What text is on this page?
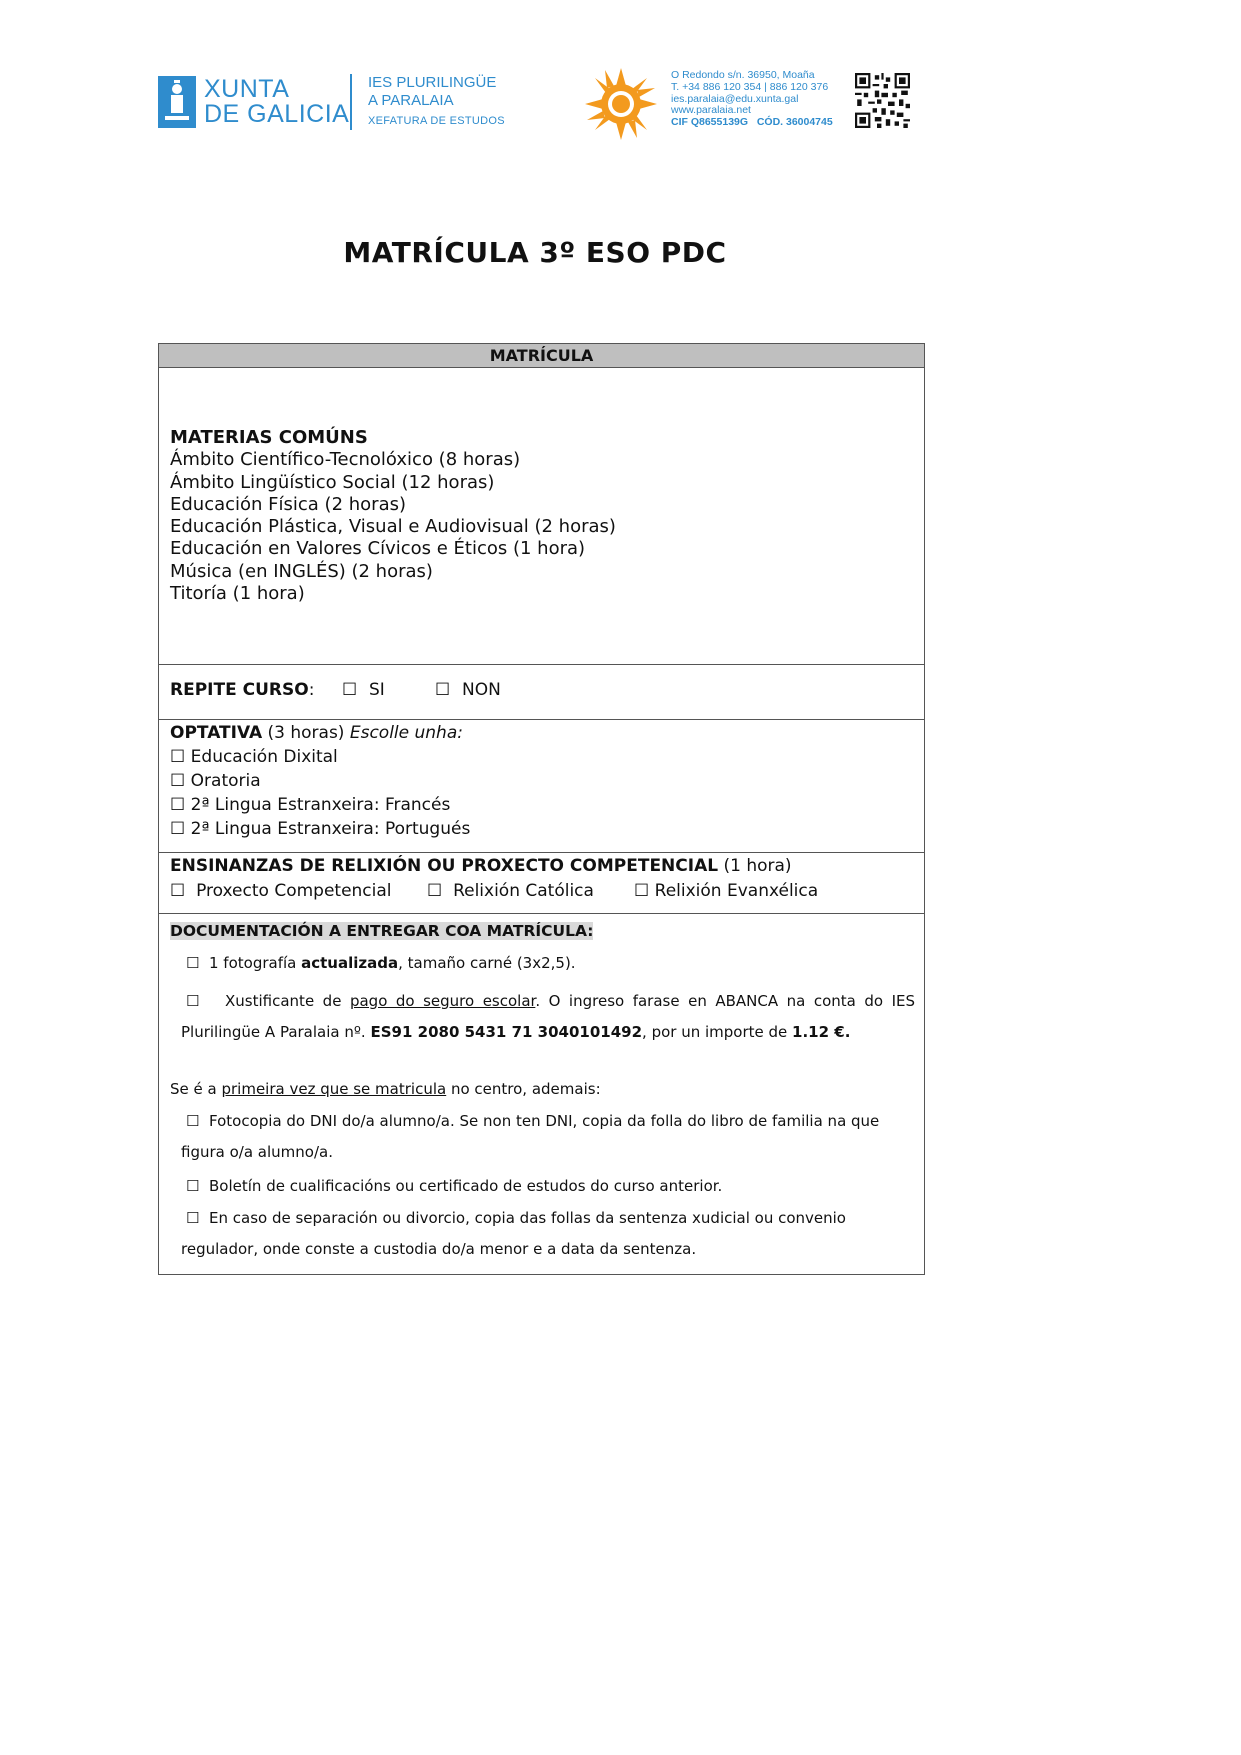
XUNTA
DE GALICIA
IES PLURILINGÜE
A PARALAIA
XEFATURA DE ESTUDOS
O Redondo s/n. 36950, Moaña
T. +34 886 120 354 | 886 120 376
ies.paralaia@edu.xunta.gal
www.paralaia.net
CIF Q8655139G CÓD. 36004745
MATRÍCULA 3º ESO PDC
MATRÍCULA
MATERIAS COMÚNS
Ámbito Científico-Tecnolóxico (8 horas)
Ámbito Lingüístico Social (12 horas)
Educación Física (2 horas)
Educación Plástica, Visual e Audiovisual (2 horas)
Educación en Valores Cívicos e Éticos (1 hora)
Música (en INGLÉS) (2 horas)
Titoría (1 hora)
REPITE CURSO: ☐ SI	☐ NON
OPTATIVA (3 horas) Escolle unha:
☐ Educación Dixital
☐ Oratoria
☐ 2ª Lingua Estranxeira: Francés
☐ 2ª Lingua Estranxeira: Portugués
ENSINANZAS DE RELIXIÓN OU PROXECTO COMPETENCIAL (1 hora)
☐ Proxecto Competencial ☐ Relixión Católica ☐ Relixión Evanxélica
DOCUMENTACIÓN A ENTREGAR COA MATRÍCULA:
☐ 1 fotografía actualizada, tamaño carné (3x2,5).
☐ Xustificante de pago do seguro escolar. O ingreso farase en ABANCA na conta do IES
Plurilingüe A Paralaia nº. ES91 2080 5431 71 3040101492, por un importe de 1.12 €.
Se é a primeira vez que se matricula no centro, ademais:
☐ Fotocopia do DNI do/a alumno/a. Se non ten DNI, copia da folla do libro de familia na que
figura o/a alumno/a.
☐ Boletín de cualificacións ou certificado de estudos do curso anterior.
☐ En caso de separación ou divorcio, copia das follas da sentenza xudicial ou convenio
regulador, onde conste a custodia do/a menor e a data da sentenza.
